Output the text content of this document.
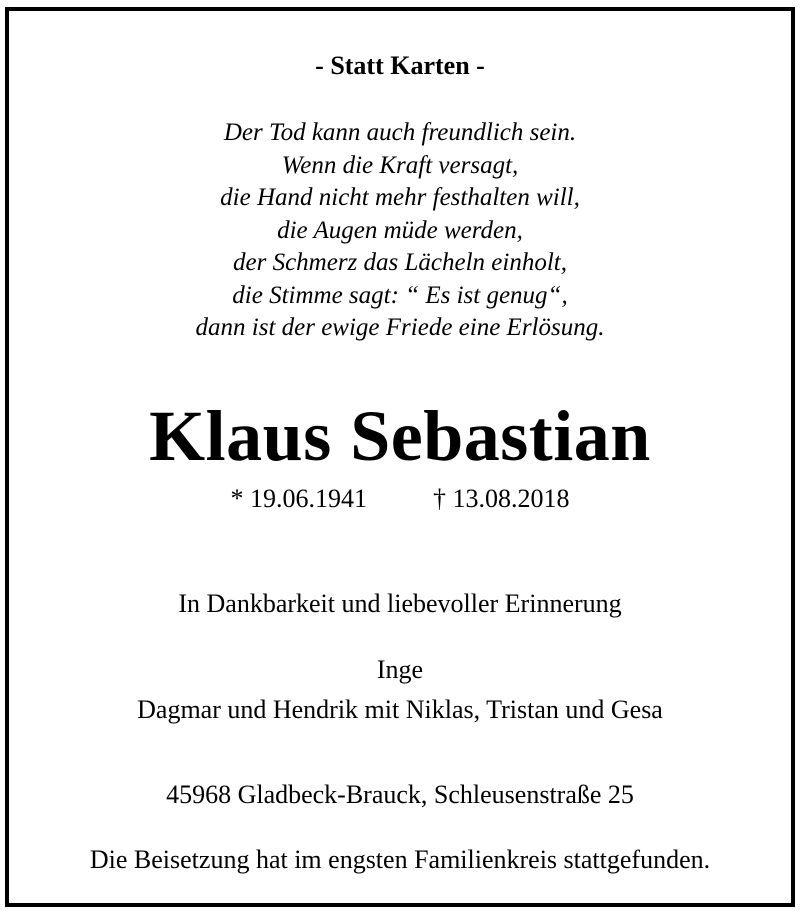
- Statt Karten -
Der Tod kann auch freundlich sein.
Wenn die Kraft versagt,
die Hand nicht mehr festhalten will,
die Augen müde werden,
der Schmerz das Lächeln einholt,
die Stimme sagt: “ Es ist genug“,
dann ist der ewige Friede eine Erlösung.
Klaus Sebastian
* 19.06.1941	† 13.08.2018
In Dankbarkeit und liebevoller Erinnerung
Inge
Dagmar und Hendrik mit Niklas, Tristan und Gesa
45968 Gladbeck-Brauck, Schleusenstraße 25
Die Beisetzung hat im engsten Familienkreis stattgefunden.
